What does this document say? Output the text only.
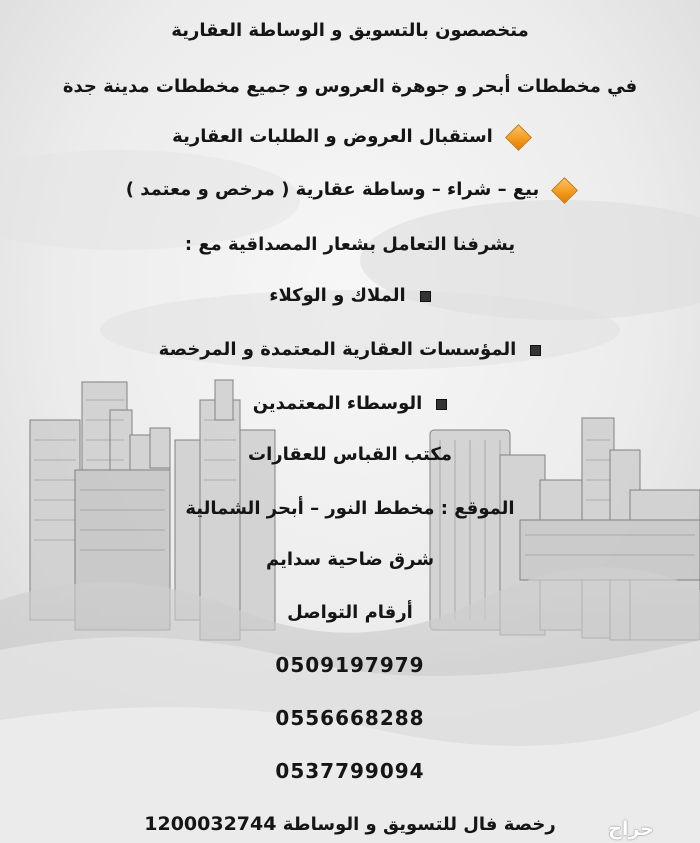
متخصصون بالتسويق و الوساطة العقارية
في مخططات أبحر و جوهرة العروس و جميع مخططات مدينة جدة
استقبال العروض و الطلبات العقارية
بيع – شراء – وساطة عقارية ( مرخص و معتمد )
يشرفنا التعامل بشعار المصداقية مع :
الملاك و الوكلاء
المؤسسات العقارية المعتمدة و المرخصة
الوسطاء المعتمدين
مكتب القباس للعقارات
الموقع : مخطط النور – أبحر الشمالية
شرق ضاحية سدايم
أرقام التواصل
0509197979
0556668288
0537799094
رخصة فال للتسويق و الوساطة 1200032744	حراج
